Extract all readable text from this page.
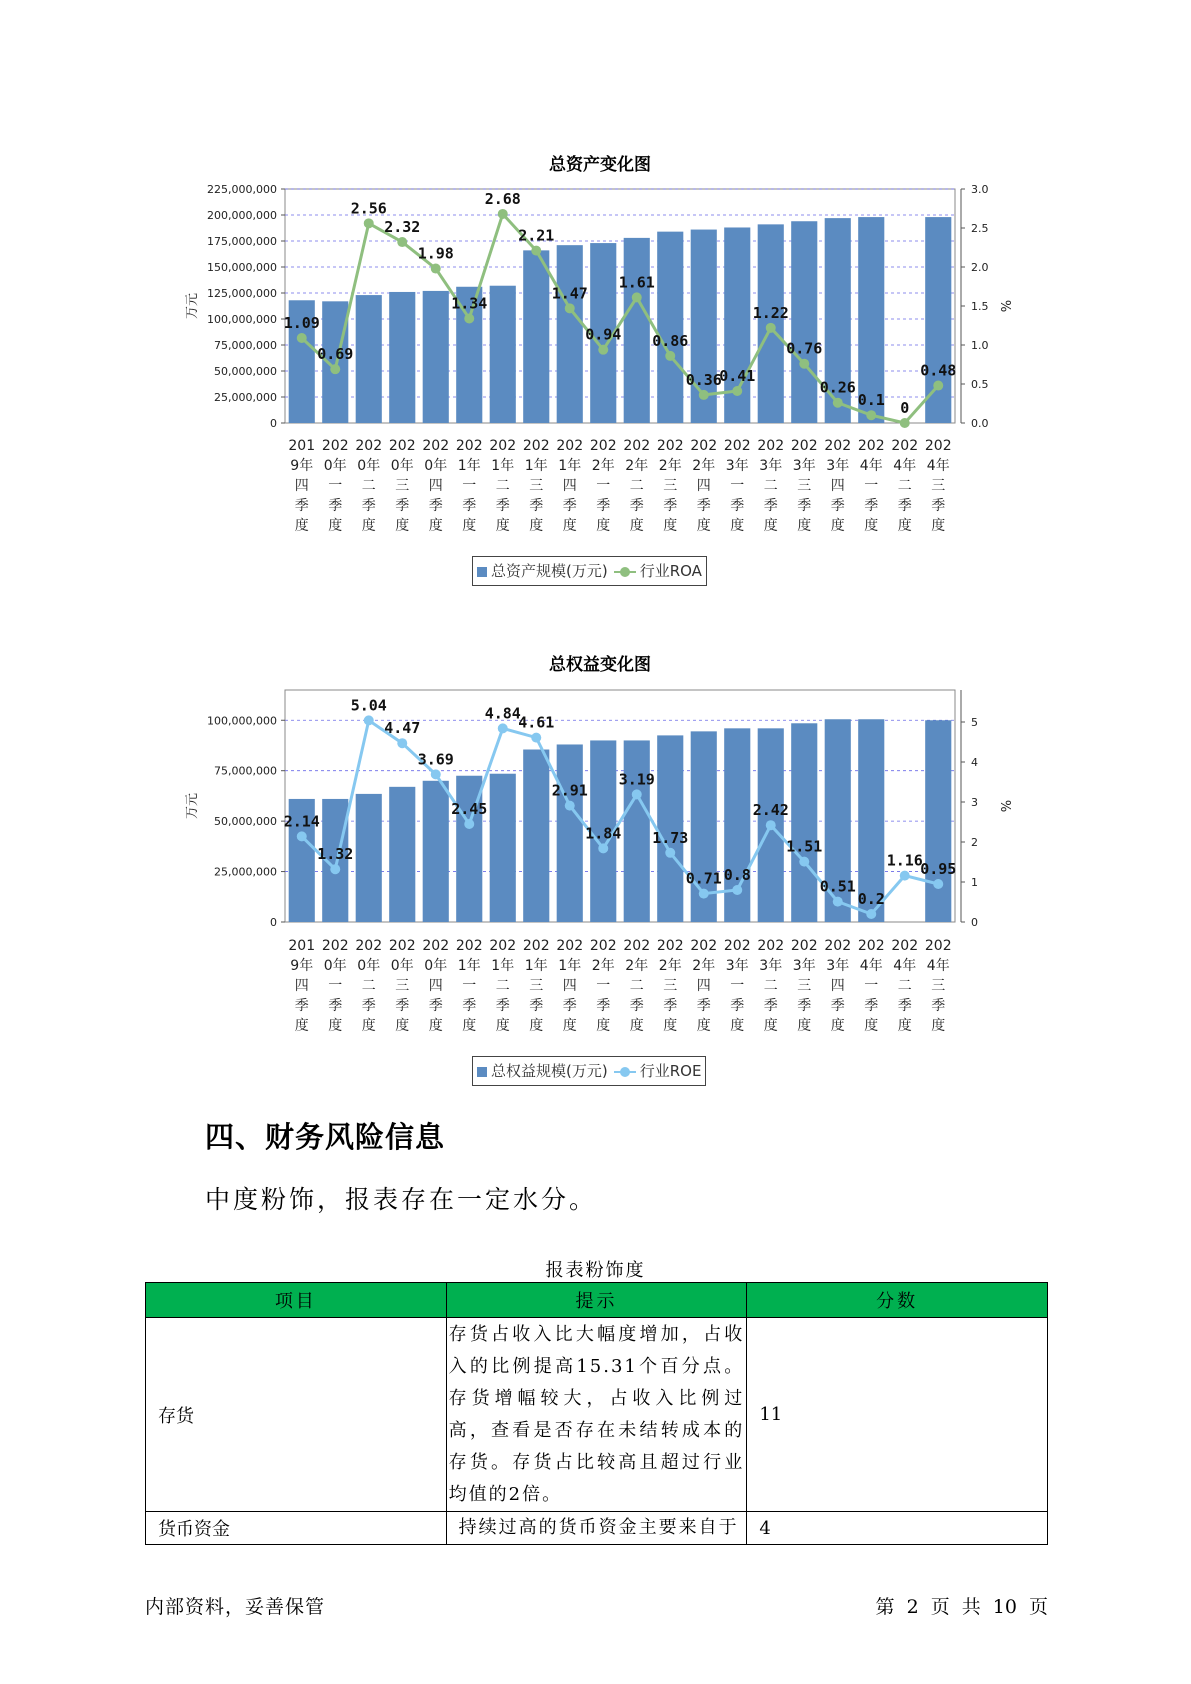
总资产变化图
0
25,000,000
50,000,000
75,000,000
100,000,000
125,000,000
150,000,000
175,000,000
200,000,000
225,000,000
0.0
0.5
1.0
1.5
2.0
2.5
3.0
万元	%
1.09
0.69
2.56
2.32
1.98
1.34
2.68
2.21
1.47
0.94
1.61
0.86
0.36
0.41
1.22
0.76
0.26
0.1 0
0.48
201 9年四季度
202 0年一季度
202 0年二季度
202 0年三季度
202 0年四季度
202 1年一季度
202 1年二季度
202 1年三季度
202 1年四季度
202 2年一季度
202 2年二季度
202 2年三季度
202 2年四季度
202 3年一季度
202 3年二季度
202 3年三季度
202 3年四季度
202 4年一季度
202 4年二季度
202 4年三季度
总资产规模(万元) 行业ROA
总权益变化图
0
25,000,000
50,000,000
75,000,000
100,000,000
0
1
2
3
4
5
万元	%
2.14
1.32
5.04
4.47
3.69
2.45
4.84
4.61
2.91
1.84
3.19
1.73
0.71 0.8
2.42
1.51
0.51
0.2
1.16
0.95
201 9年四季度
202 0年一季度
202 0年二季度
202 0年三季度
202 0年四季度
202 1年一季度
202 1年二季度
202 1年三季度
202 1年四季度
202 2年一季度
202 2年二季度
202 2年三季度
202 2年四季度
202 3年一季度
202 3年二季度
202 3年三季度
202 3年四季度
202 4年一季度
202 4年二季度
202 4年三季度
总权益规模(万元) 行业ROE
四、财务风险信息
中度粉饰，报表存在一定水分。
报表粉饰度
项目	提示	分数
存货	存货占收入比大幅度增加，占收入的比例提高15.31个百分点。存货增幅较大，占收入比例过高，查看是否存在未结转成本的存货。存货占比较高且超过行业均值的2倍。	11
货币资金	持续过高的货币资金主要来自于	4
内部资料，妥善保管	第 2 页 共 10 页
